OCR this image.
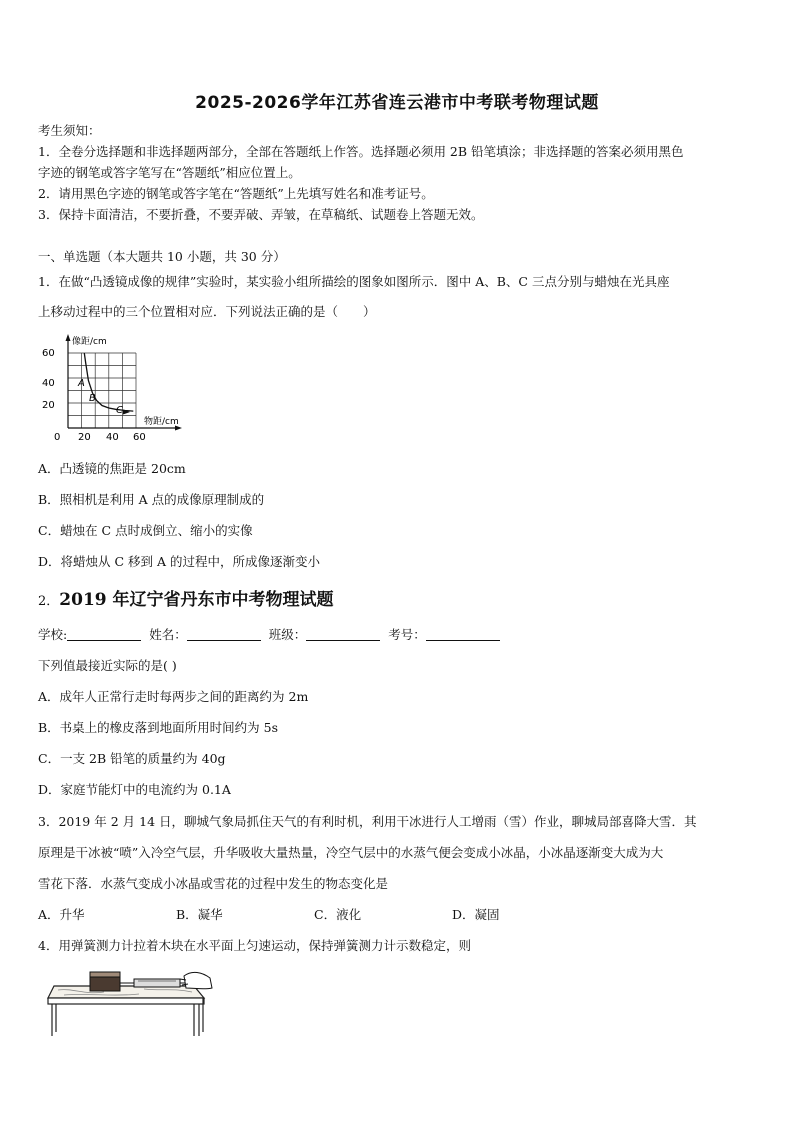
2025-2026学年江苏省连云港市中考联考物理试题
考生须知：
1．全卷分选择题和非选择题两部分，全部在答题纸上作答。选择题必须用 2B 铅笔填涂；非选择题的答案必须用黑色
字迹的钢笔或答字笔写在“答题纸”相应位置上。
2．请用黑色字迹的钢笔或答字笔在“答题纸”上先填写姓名和准考证号。
3．保持卡面清洁，不要折叠，不要弄破、弄皱，在草稿纸、试题卷上答题无效。
一、单选题（本大题共 10 小题，共 30 分）
1．在做“凸透镜成像的规律”实验时，某实验小组所描绘的图象如图所示．图中 A、B、C 三点分别与蜡烛在光具座
上移动过程中的三个位置相对应．下列说法正确的是（　　）
像距/cm
物距/cm
60
40
20
0 20 40 60
A
B
C
A．凸透镜的焦距是 20cm
B．照相机是利用 A 点的成像原理制成的
C．蜡烛在 C 点时成倒立、缩小的实像
D．将蜡烛从 C 移到 A 的过程中，所成像逐渐变小
2．2019 年辽宁省丹东市中考物理试题
学校:	姓名：	班级：	考号：
下列值最接近实际的是( )
A．成年人正常行走时每两步之间的距离约为 2m
B．书桌上的橡皮落到地面所用时间约为 5s
C．一支 2B 铅笔的质量约为 40g
D．家庭节能灯中的电流约为 0.1A
3．2019 年 2 月 14 日，聊城气象局抓住天气的有利时机，利用干冰进行人工增雨（雪）作业，聊城局部喜降大雪．其
原理是干冰被“喷”入冷空气层，升华吸收大量热量，冷空气层中的水蒸气便会变成小冰晶，小冰晶逐渐变大成为大
雪花下落．水蒸气变成小冰晶或雪花的过程中发生的物态变化是
A．升华	B．凝华	C．液化	D．凝固
4．用弹簧测力计拉着木块在水平面上匀速运动，保持弹簧测力计示数稳定，则
